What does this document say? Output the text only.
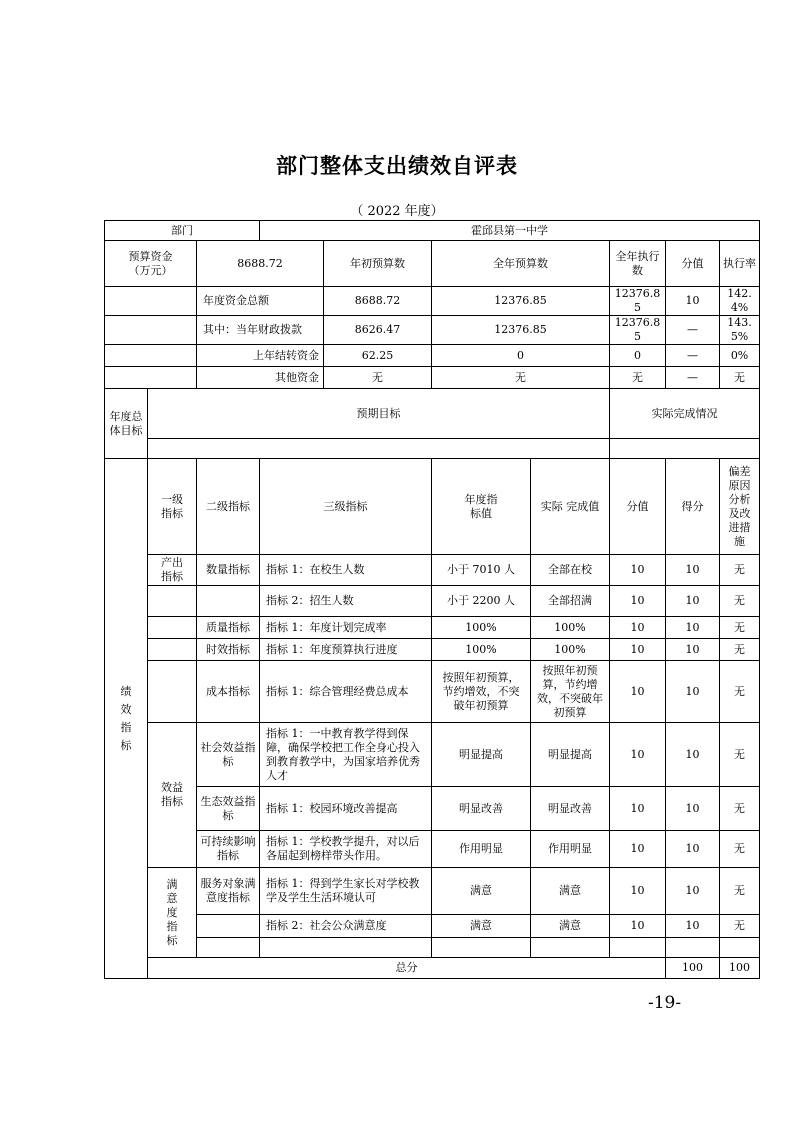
部门整体支出绩效自评表
（ 2022 年度）
部门			霍邱县第一中学							

预算资金
（万元）		8688.72		年初预算数	全年预算数		全年执行数	分值	执行率	
		年度资金总额		8688.72	12376.85		12376.85	10	142.4%	
		其中：当年财政拨款		8626.47	12376.85		12376.85	—	143.5%	
		上年结转资金		62.25	0		0	—	0%	
		其他资金		无	无		无	—	无	
年度总体目标	预期目标						实际完成情况			

绩效指标	一级指标	二级指标	三级指标		年度指标值	实际 完成值	分值	得分	偏差原因分析及改进措施	
	产出指标	数量指标	指标 1：在校生人数		小于 7010 人	全部在校	10	10	无	
			指标 2：招生人数		小于 2200 人	全部招满	10	10	无	
		质量指标	指标 1：年度计划完成率		100%	100%	10	10	无	
		时效指标	指标 1：年度预算执行进度		100%	100%	10	10	无	
		成本指标	指标 1：综合管理经费总成本		按照年初预算，节约增效，不突破年初预算	按照年初预算，节约增效，不突破年初预算	10	10	无	
	效益指标	社会效益指标	指标 1：一中教育教学得到保障，确保学校把工作全身心投入到教育教学中，为国家培养优秀人才		明显提高	明显提高	10	10	无	
		生态效益指标	指标 1：校园环境改善提高		明显改善	明显改善	10	10	无	
		可持续影响指标	指标 1：学校教学提升，对以后各届起到榜样带头作用。		作用明显	作用明显	10	10	无	
	满意度指标	服务对象满意度指标	指标 1：得到学生家长对学校教学及学生生活环境认可		满意	满意	10	10	无	
			指标 2：社会公众满意度		满意	满意	10	10	无	

	总分							100	100	
-19-
